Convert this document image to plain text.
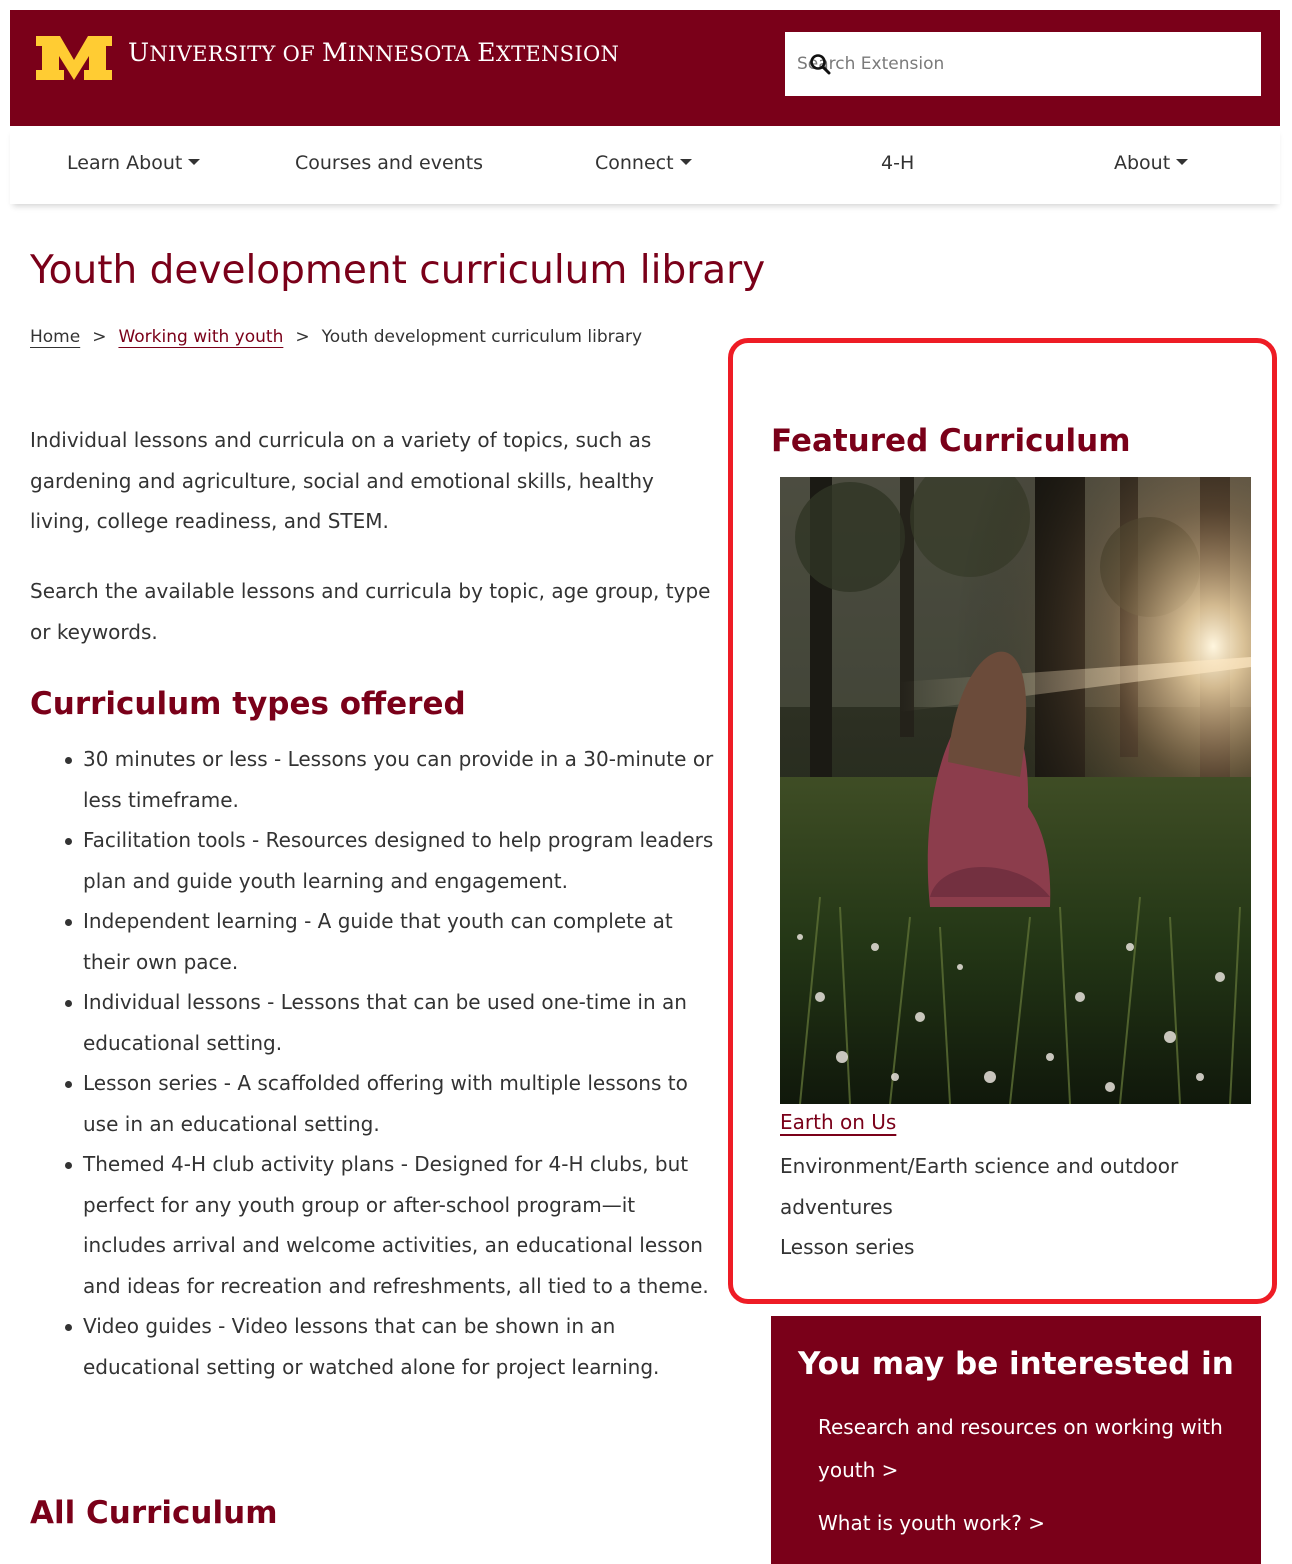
UNIVERSITY OF MINNESOTA EXTENSION
Search Extension
Learn About	Courses and events	Connect	4-H	About
Youth development curriculum library
Home > Working with youth > Youth development curriculum library

Individual lessons and curricula on a variety of topics, such as gardening and agriculture, social and emotional skills, healthy living, college readiness, and STEM.

Search the available lessons and curricula by topic, age group, type or keywords.

Curriculum types offered
30 minutes or less - Lessons you can provide in a 30-minute or less timeframe.
Facilitation tools - Resources designed to help program leaders plan and guide youth learning and engagement.
Independent learning - A guide that youth can complete at their own pace.
Individual lessons - Lessons that can be used one-time in an educational setting.
Lesson series - A scaffolded offering with multiple lessons to use in an educational setting.
Themed 4-H club activity plans - Designed for 4-H clubs, but perfect for any youth group or after-school program—it includes arrival and welcome activities, an educational lesson and ideas for recreation and refreshments, all tied to a theme.
Video guides - Video lessons that can be shown in an educational setting or watched alone for project learning.
All Curriculum
Featured Curriculum
Earth on Us

Environment/Earth science and outdoor adventures

Lesson series

You may be interested in
Research and resources on working with youth >
What is youth work? >
